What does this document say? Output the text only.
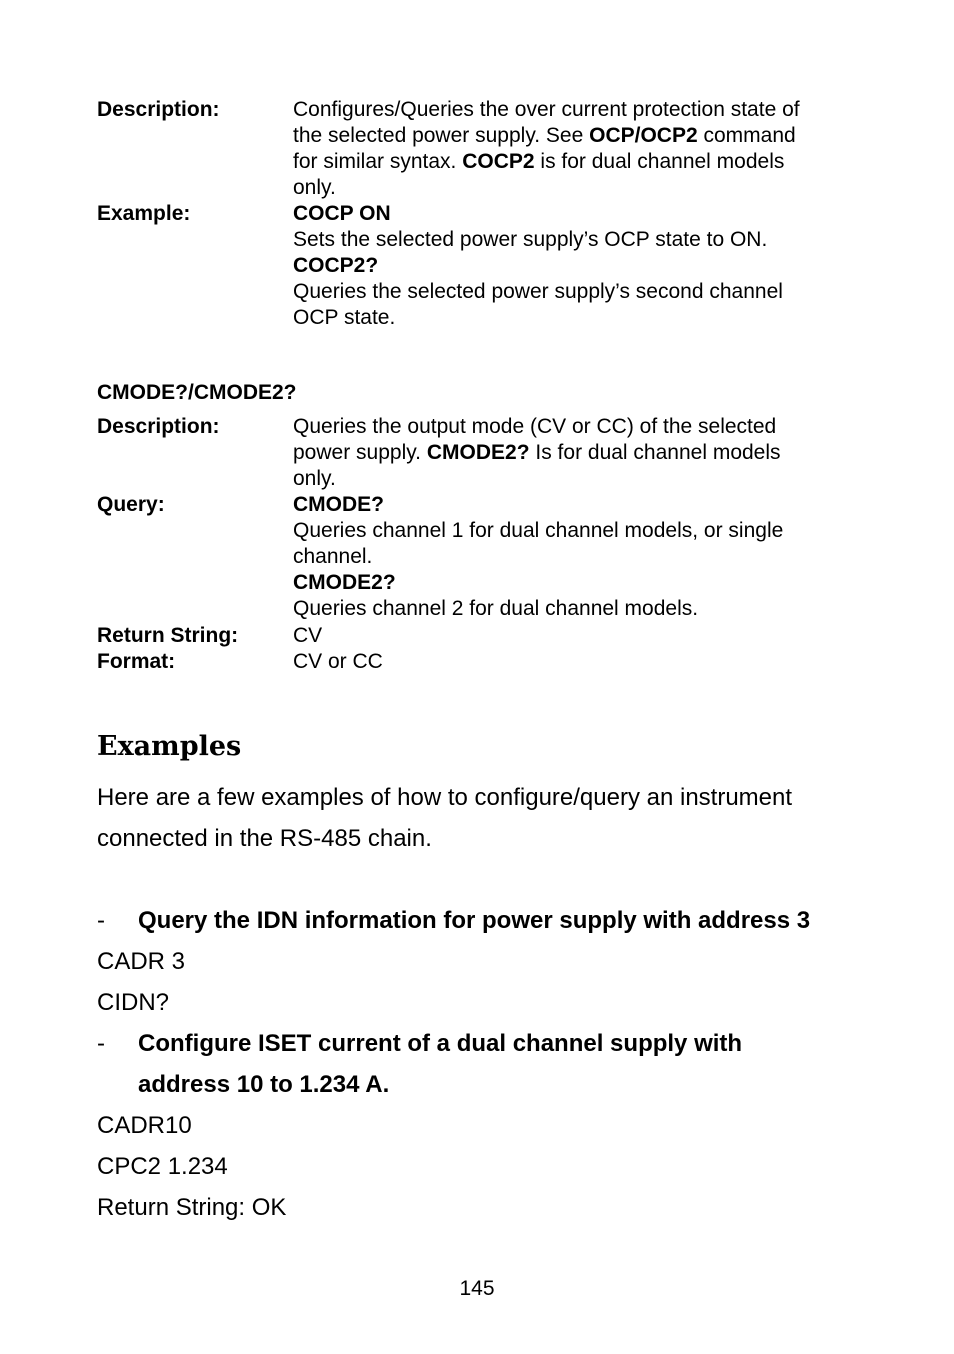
Description:	Configures/Queries the over current protection state of
the selected power supply. See OCP/OCP2 command
for similar syntax. COCP2 is for dual channel models
only.
Example:	COCP ON
Sets the selected power supply’s OCP state to ON.
COCP2?
Queries the selected power supply’s second channel
OCP state.
CMODE?/CMODE2?
Description:	Queries the output mode (CV or CC) of the selected
power supply. CMODE2? Is for dual channel models
only.
Query:	CMODE?
Queries channel 1 for dual channel models, or single
channel.
CMODE2?
Queries channel 2 for dual channel models.
Return String:	CV
Format:	CV or CC
Examples
Here are a few examples of how to configure/query an instrument
connected in the RS-485 chain.
- Query the IDN information for power supply with address 3
CADR 3
CIDN?
- Configure ISET current of a dual channel supply with
address 10 to 1.234 A.
CADR10
CPC2 1.234
Return String: OK
145
